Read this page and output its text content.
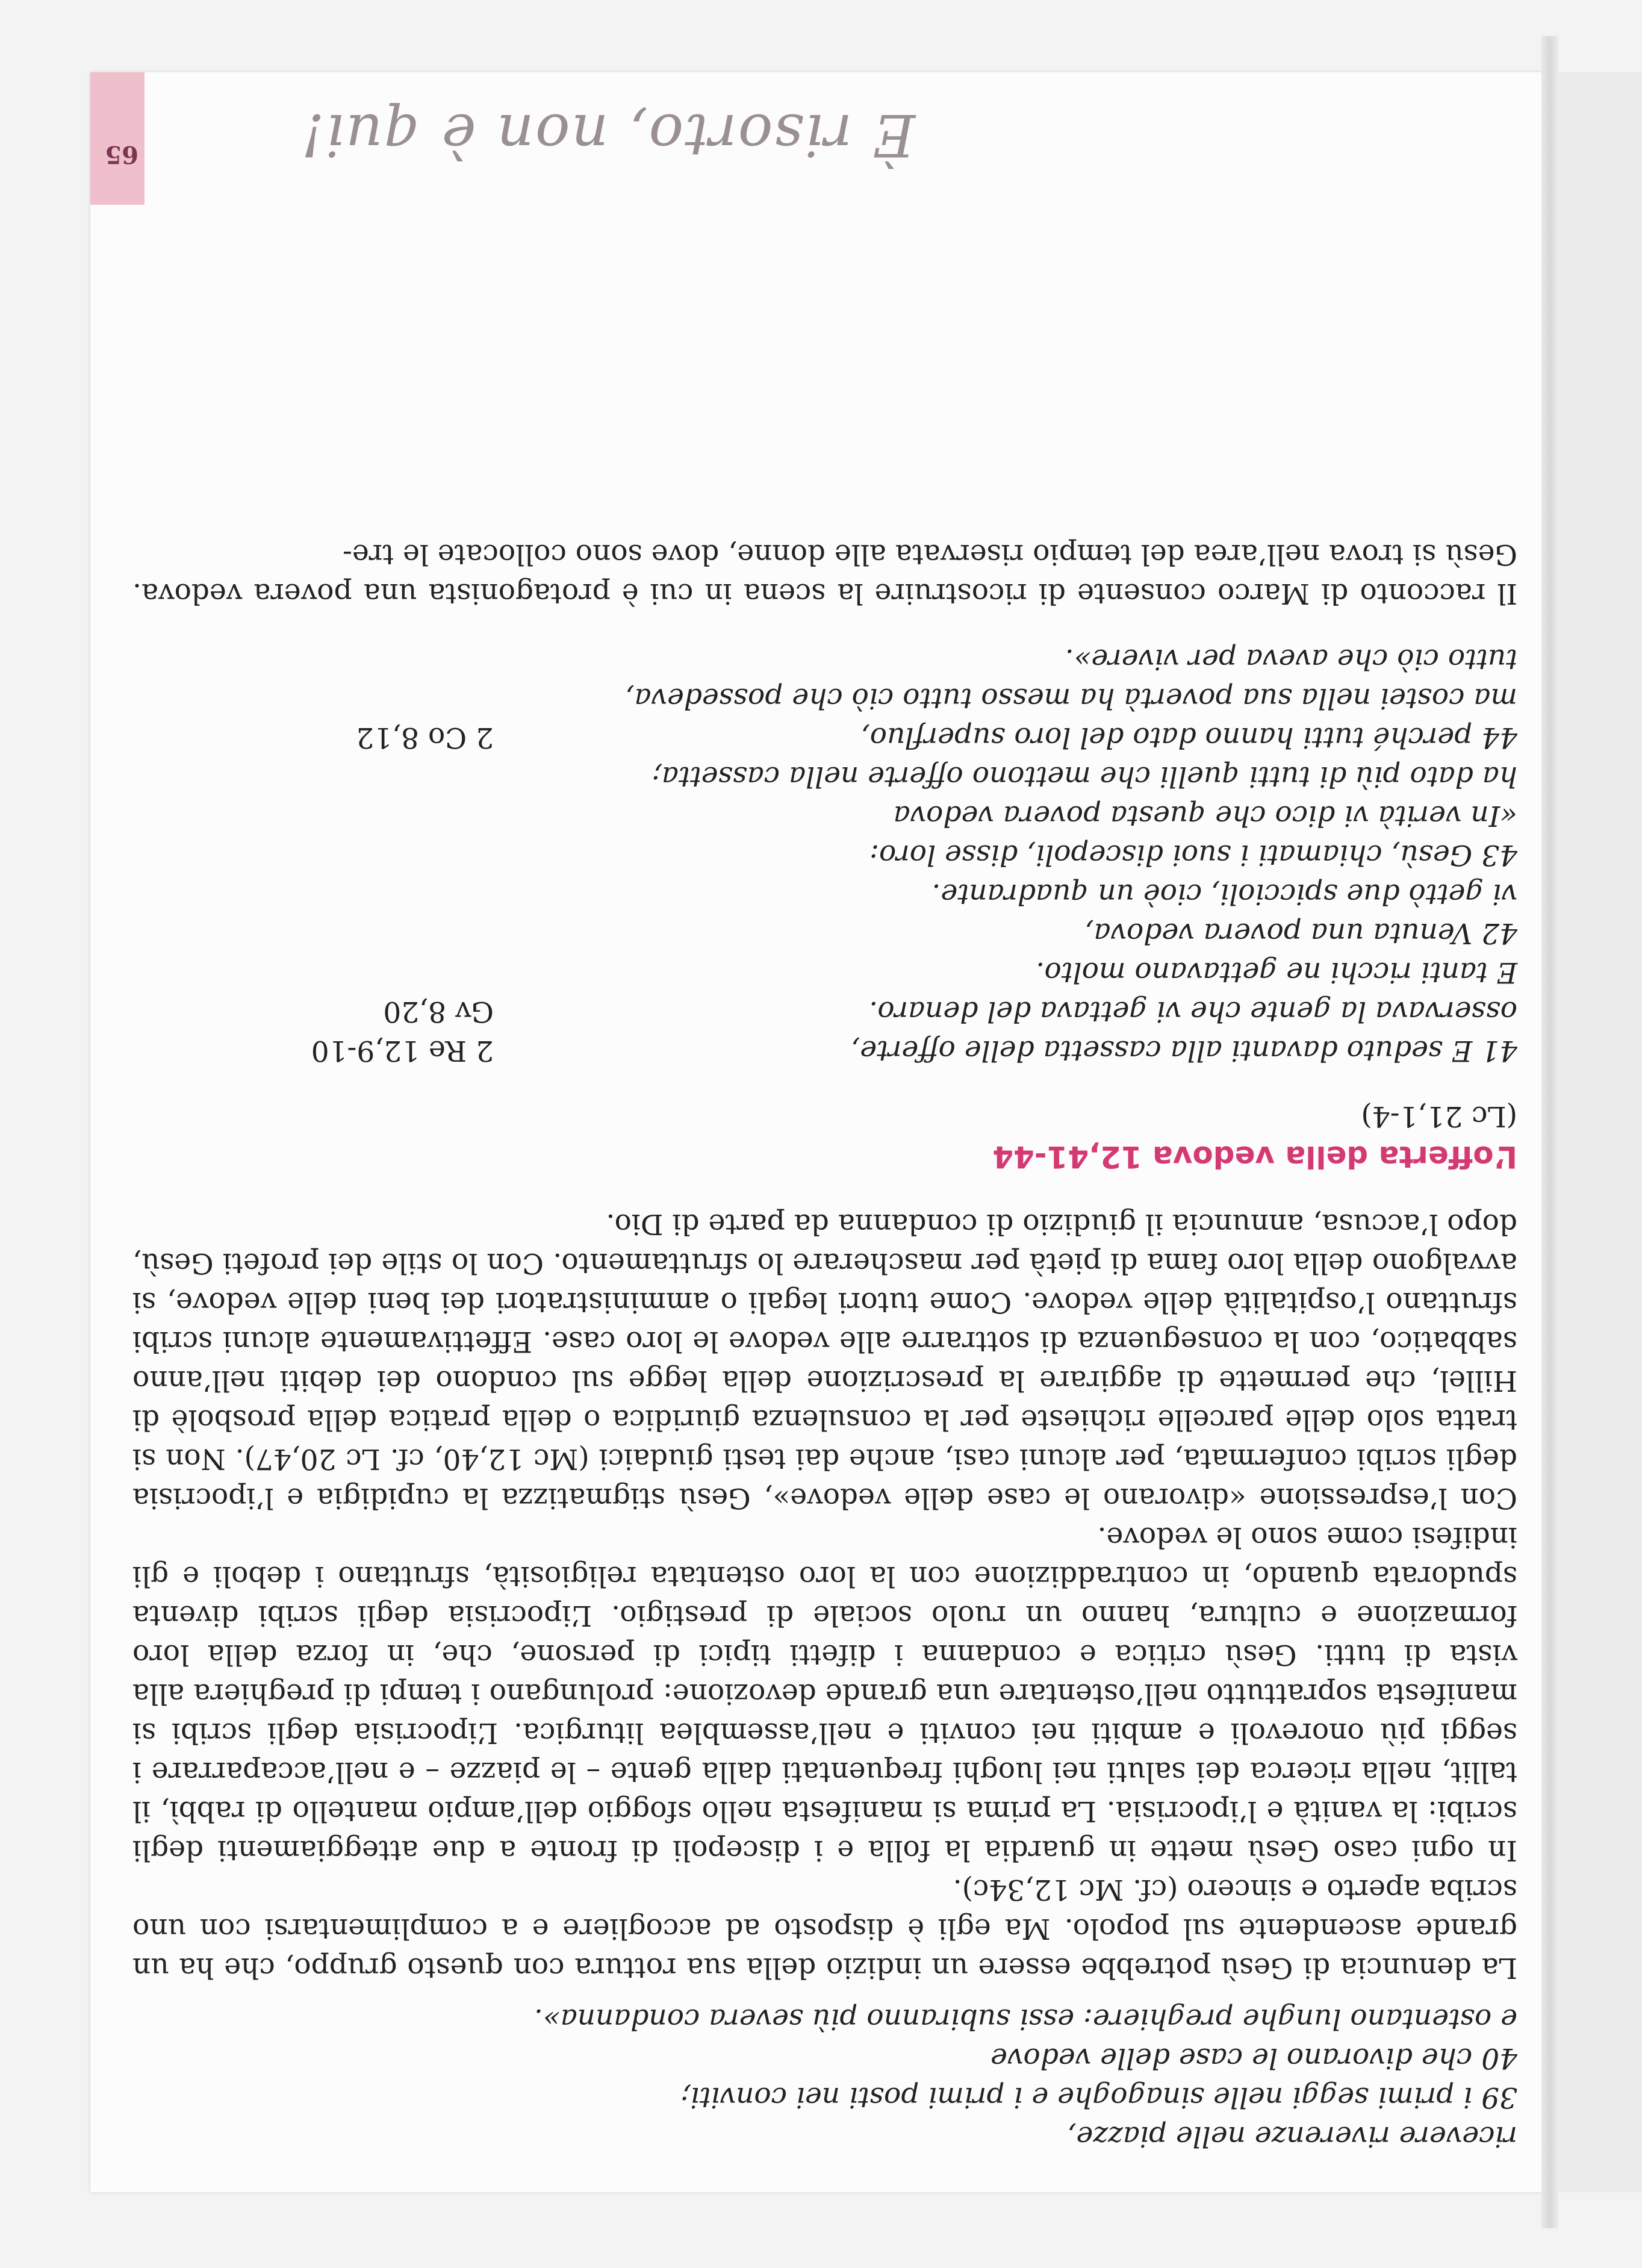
ricevere riverenze nelle piazze,

39 i primi seggi nelle sinagoghe e i primi posti nei conviti;

40 che divorano le case delle vedove

e ostentano lunghe preghiere: essi subiranno più severa condanna».

La denuncia di Gesù potrebbe essere un indizio della sua rottura con questo gruppo, che ha un grande ascendente sul popolo. Ma egli è disposto ad accogliere e a complimentarsi con uno scriba aperto e sincero (cf. Mc 12,34c).

In ogni caso Gesù mette in guardia la folla e i discepoli di fronte a due atteggiamenti degli scribi: la vanità e l’ipocrisia. La prima si manifesta nello sfoggio dell’ampio mantello di rabbì, il tallit, nella ricerca dei saluti nei luoghi frequentati dalla gente – le piazze – e nell’accaparrare i seggi più onorevoli e ambiti nei conviti e nell’assemblea liturgica. L’ipocrisia degli scribi si manifesta soprattutto nell’ostentare una grande devozione: prolungano i tempi di preghiera alla vista di tutti. Gesù critica e condanna i difetti tipici di persone, che, in forza della loro formazione e cultura, hanno un ruolo sociale di prestigio. L’ipocrisia degli scribi diventa spudorata quando, in contraddizione con la loro ostentata religiosità, sfruttano i deboli e gli indifesi come sono le vedove.

Con l’espressione «divorano le case delle vedove», Gesù stigmatizza la cupidigia e l’ipocrisia degli scribi confermata, per alcuni casi, anche dai testi giudaici (Mc 12,40, cf. Lc 20,47). Non si tratta solo delle parcelle richieste per la consulenza giuridica o della pratica della prosbolè di Hillel, che permette di aggirare la prescrizione della legge sul condono dei debiti nell’anno sabbatico, con la conseguenza di sottrarre alle vedove le loro case. Effettivamente alcuni scribi sfruttano l’ospitalità delle vedove. Come tutori legali o amministratori dei beni delle vedove, si avvalgono della loro fama di pietà per mascherare lo sfruttamento. Con lo stile dei profeti Gesù, dopo l’accusa, annuncia il giudizio di condanna da parte di Dio.

L’offerta della vedova 12,41-44

(Lc 21,1-4)

41 E seduto davanti alla cassetta delle offerte,

2 Re 12,9-10

osservava la gente che vi gettava del denaro.

Gv 8,20

E tanti ricchi ne gettavano molto.

42 Venuta una povera vedova,

vi gettò due spiccioli, cioè un quadrante.

43 Gesù, chiamati i suoi discepoli, disse loro:

«In verità vi dico che questa povera vedova

ha dato più di tutti quelli che mettono offerte nella cassetta;

44 perché tutti hanno dato del loro superfluo,

2 Co 8,12

ma costei nella sua povertà ha messo tutto ciò che possedeva,

tutto ciò che aveva per vivere».

Il racconto di Marco consente di ricostruire la scena in cui è protagonista una povera vedova. Gesù si trova nell’area del tempio riservata alle donne, dove sono collocate le tre-

È risorto, non è qui!
65
